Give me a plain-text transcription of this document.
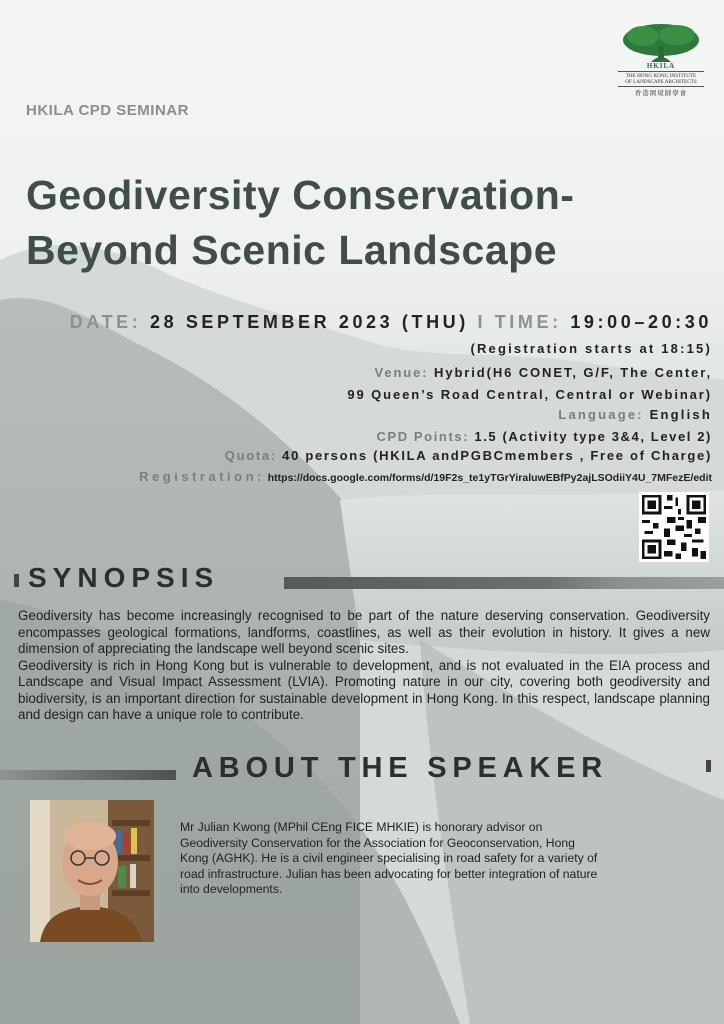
HKILA
THE HONG KONG INSTITUTE
OF LANDSCAPE ARCHITECTS
香港園境師學會
HKILA CPD SEMINAR
Geodiversity Conservation-
Beyond Scenic Landscape
DATE: 28 SEPTEMBER 2023 (THU) I TIME: 19:00–20:30
(Registration starts at 18:15)
Venue: Hybrid(H6 CONET, G/F, The Center,
99 Queen’s Road Central, Central or Webinar)
Language: English
CPD Points: 1.5 (Activity type 3&4, Level 2)
Quota: 40 persons (HKILA andPGBCmembers , Free of Charge)
Registration: https://docs.google.com/forms/d/19F2s_te1yTGrYiraluwEBfPy2ajLSOdiiY4U_7MFezE/edit
SYNOPSIS

Geodiversity has become increasingly recognised to be part of the nature deserving conservation. Geodiversity encompasses geological formations, landforms, coastlines, as well as their evolution in history. It gives a new dimension of appreciating the landscape well beyond scenic sites.

Geodiversity is rich in Hong Kong but is vulnerable to development, and is not evaluated in the EIA process and Landscape and Visual Impact Assessment (LVIA). Promoting nature in our city, covering both geodiversity and biodiversity, is an important direction for sustainable development in Hong Kong. In this respect, landscape planning and design can have a unique role to contribute.

ABOUT THE SPEAKER
Mr Julian Kwong (MPhil CEng FICE MHKIE) is honorary advisor on Geodiversity Conservation for the Association for Geoconservation, Hong Kong (AGHK). He is a civil engineer specialising in road safety for a variety of road infrastructure. Julian has been advocating for better integration of nature into developments.
